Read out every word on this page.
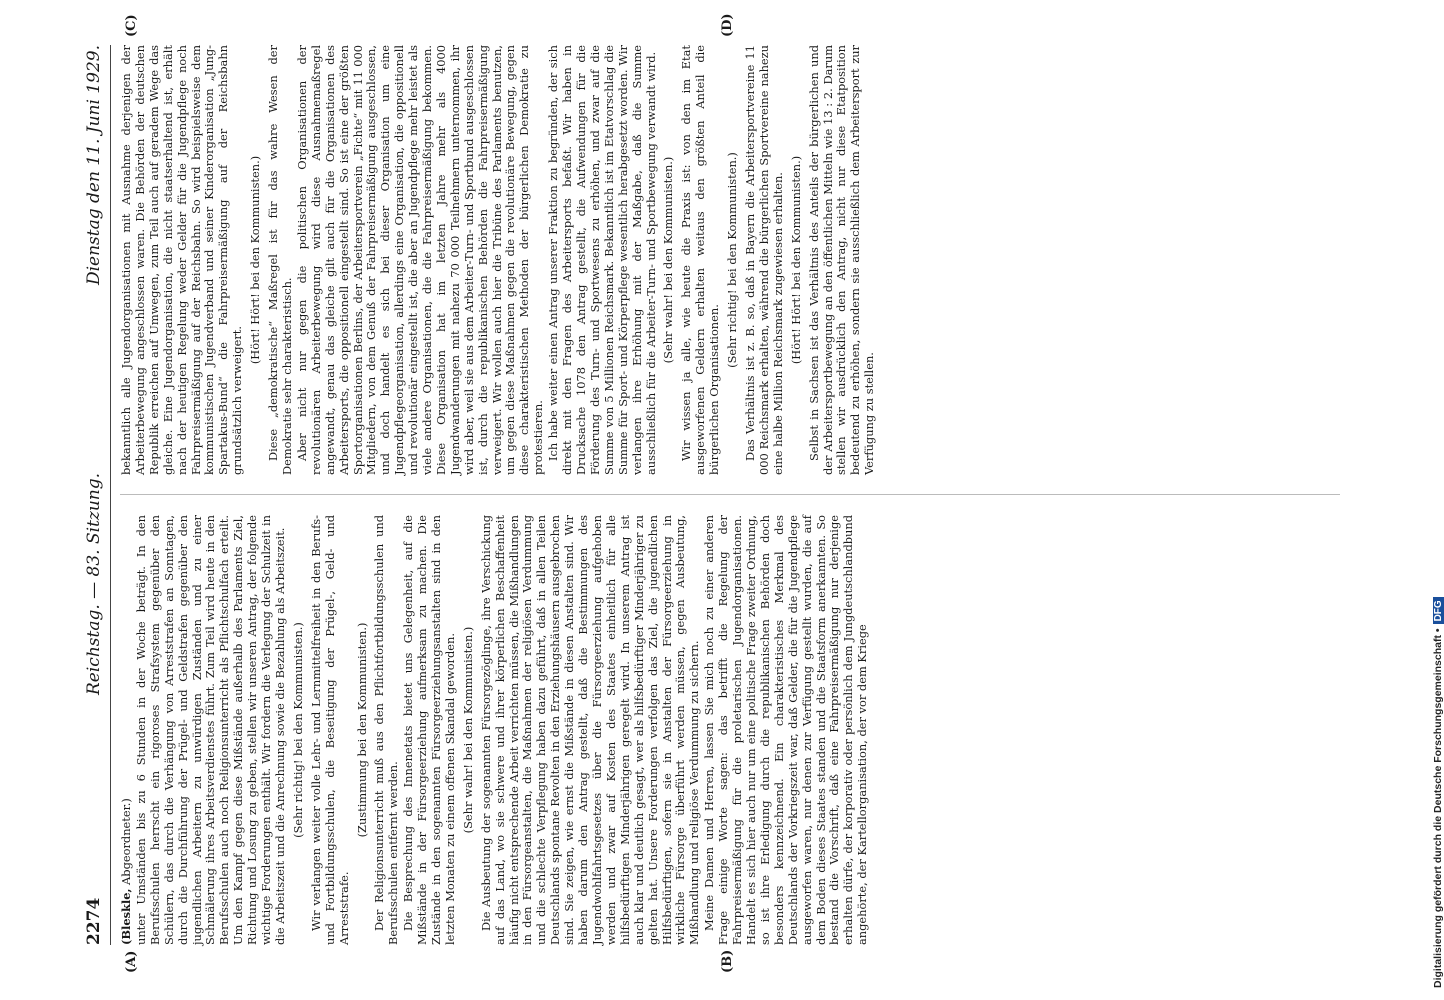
2274
Reichstag. — 83. Sitzung.
Dienstag den 11. Juni 1929.
(A)	(B)
(C)	(D)

(Bleskle, Abgeordneter.) unter Umständen bis zu 6 Stunden in der Woche beträgt. In den Berufsschulen herrscht ein rigoroses Strafsystem gegenüber den Schülern, das durch die Verhängung von Arreststrafen an Sonntagen, durch die Durchführung der Prügel- und Geldstrafen gegenüber den jugendlichen Arbeitern zu unwürdigen Zuständen und zu einer Schmälerung ihres Arbeitsverdienstes führt. Zum Teil wird heute in den Berufsschulen auch noch Religionsunterricht als Pflichtschulfach erteilt. Um den Kampf gegen diese Mißstände außerhalb des Parlaments Ziel, Richtung und Losung zu geben, stellen wir unseren Antrag, der folgende wichtige Forderungen enthält. Wir fordern die Verlegung der Schulzeit in die Arbeitszeit und die Anrechnung sowie die Bezahlung als Arbeitszeit. (Sehr richtig! bei den Kommunisten.) Wir verlangen weiter volle Lehr- und Lernmittelfreiheit in den Berufs- und Fortbildungsschulen, die Beseitigung der Prügel-, Geld- und Arreststrafe.

(Zustimmung bei den Kommunisten.) Der Religionsunterricht muß aus den Pflichtfortbildungsschulen und Berufsschulen entfernt werden. Die Besprechung des Innenetats bietet uns Gelegenheit, auf die Mißstände in der Fürsorgeerziehung aufmerksam zu machen. Die Zustände in den sogenannten Fürsorgeerziehungsanstalten sind in den letzten Monaten zu einem offenen Skandal geworden. (Sehr wahr! bei den Kommunisten.) Die Ausbeutung der sogenannten Fürsorgezöglinge, ihre Verschickung auf das Land, wo sie schwere und ihrer körperlichen Beschaffenheit häufig nicht entsprechende Arbeit verrichten müssen, die Mißhandlungen in den Fürsorgeanstalten, die Maßnahmen der religiösen Verdummung und die schlechte Verpflegung haben dazu geführt, daß in allen Teilen Deutschlands spontane Revolten in den Erziehungshäusern ausgebrochen sind. Sie zeigen, wie ernst die Mißstände in diesen Anstalten sind. Wir haben darum den Antrag gestellt, daß die Bestimmungen des Jugendwohlfahrtsgesetzes über die Fürsorgeerziehung aufgehoben werden und zwar auf Kosten des Staates einheitlich für alle hilfsbedürftigen Minderjährigen geregelt wird. In unserem Antrag ist auch klar und deutlich gesagt, wer als hilfsbedürftiger Minderjähriger zu gelten hat. Unsere Forderungen verfolgen das Ziel, die jugendlichen Hilfsbedürftigen, sofern sie in Anstalten der Fürsorgeerziehung in wirkliche Fürsorge überführt werden müssen, gegen Ausbeutung, Mißhandlung und religiöse Verdummung zu sichern. Meine Damen und Herren, lassen Sie mich noch zu einer anderen Frage einige Worte sagen: das betrifft die Regelung der Fahrpreisermäßigung für die proletarischen Jugendorganisationen. Handelt es sich hier auch nur um eine politische Frage zweiter Ordnung, so ist ihre Erledigung durch die republikanischen Behörden doch besonders kennzeichnend. Ein charakteristisches Merkmal des Deutschlands der Vorkriegszeit war, daß Gelder, die für die Jugendpflege ausgeworfen waren, nur denen zur Verfügung gestellt wurden, die auf dem Boden dieses Staates standen und die Staatsform anerkannten. So bestand die Vorschrift, daß eine Fahrpreisermäßigung nur derjenige erhalten dürfe, der korporativ oder persönlich dem Jungdeutschlandbund angehörte, der Kartellorganisation, der vor dem Kriege

bekanntlich alle Jugendorganisationen mit Ausnahme derjenigen der Arbeiterbewegung angeschlossen waren. Die Behörden der deutschen Republik erreichen auf Umwegen, zum Teil auch auf geradem Wege das gleiche. Eine Jugendorganisation, die nicht staatserhaltend ist, erhält nach der heutigen Regelung weder Gelder für die Jugendpflege noch Fahrpreisermäßigung auf der Reichsbahn. So wird beispielsweise dem kommunistischen Jugendverband und seiner Kinderorganisation „Jung-Spartakus-Bund“ die Fahrpreisermäßigung auf der Reichsbahn grundsätzlich verweigert.

(Hört! Hört! bei den Kommunisten.) Diese „demokratische“ Maßregel ist für das wahre Wesen der Demokratie sehr charakteristisch. Aber nicht nur gegen die politischen Organisationen der revolutionären Arbeiterbewegung wird diese Ausnahmemaßregel angewandt, genau das gleiche gilt auch für die Organisationen des Arbeitersports, die oppositionell eingestellt sind. So ist eine der größten Sportorganisationen Berlins, der Arbeitersportverein „Fichte“ mit 11 000 Mitgliedern, von dem Genuß der Fahrpreisermäßigung ausgeschlossen, und doch handelt es sich bei dieser Organisation um eine Jugendpflegeorganisation, allerdings eine Organisation, die oppositionell und revolutionär eingestellt ist, die aber an Jugendpflege mehr leistet als viele andere Organisationen, die die Fahrpreisermäßigung bekommen. Diese Organisation hat im letzten Jahre mehr als 4000 Jugendwanderungen mit nahezu 70 000 Teilnehmern unternommen, ihr wird aber, weil sie aus dem Arbeiter-Turn- und Sportbund ausgeschlossen ist, durch die republikanischen Behörden die Fahrpreisermäßigung verweigert. Wir wollen auch hier die Tribüne des Parlaments benutzen, um gegen diese Maßnahmen gegen die revolutionäre Bewegung, gegen diese charakteristischen Methoden der bürgerlichen Demokratie zu protestieren. Ich habe weiter einen Antrag unserer Fraktion zu begründen, der sich direkt mit den Fragen des Arbeitersports befaßt. Wir haben in Drucksache 1078 den Antrag gestellt, die Aufwendungen für die Förderung des Turn- und Sportwesens zu erhöhen, und zwar auf die Summe von 5 Millionen Reichsmark. Bekanntlich ist im Etatvorschlag die Summe für Sport- und Körperpflege wesentlich herabgesetzt worden. Wir verlangen ihre Erhöhung mit der Maßgabe, daß die Summe ausschließlich für die Arbeiter-Turn- und Sportbewegung verwandt wird. (Sehr wahr! bei den Kommunisten.) Wir wissen ja alle, wie heute die Praxis ist: von den im Etat ausgeworfenen Geldern erhalten weitaus den größten Anteil die bürgerlichen Organisationen.

(Sehr richtig! bei den Kommunisten.) Das Verhältnis ist z. B. so, daß in Bayern die Arbeitersportvereine 11 000 Reichsmark erhalten, während die bürgerlichen Sportvereine nahezu eine halbe Million Reichsmark zugewiesen erhalten. (Hört! Hört! bei den Kommunisten.) Selbst in Sachsen ist das Verhältnis des Anteils der bürgerlichen und der Arbeitersportbewegung an den öffentlichen Mitteln wie 13 : 2. Darum stellen wir ausdrücklich den Antrag, nicht nur diese Etatposition bedeutend zu erhöhen, sondern sie ausschließlich dem Arbeitersport zur Verfügung zu stellen.

Digitalisierung gefördert durch die Deutsche Forschungsgemeinschaft •DFG
